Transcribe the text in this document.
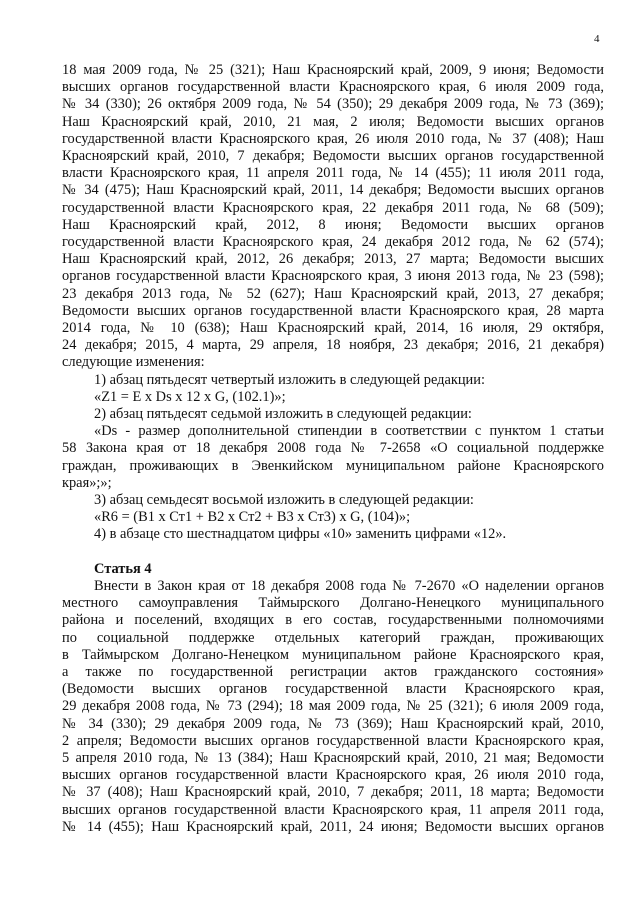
4

18 мая 2009 года, № 25 (321); Наш Красноярский край, 2009, 9 июня; Ведомости

высших органов государственной власти Красноярского края, 6 июля 2009 года,

№ 34 (330); 26 октября 2009 года, № 54 (350); 29 декабря 2009 года, № 73 (369);

Наш Красноярский край, 2010, 21 мая, 2 июля; Ведомости высших органов

государственной власти Красноярского края, 26 июля 2010 года, № 37 (408); Наш

Красноярский край, 2010, 7 декабря; Ведомости высших органов государственной

власти Красноярского края, 11 апреля 2011 года, № 14 (455); 11 июля 2011 года,

№ 34 (475); Наш Красноярский край, 2011, 14 декабря; Ведомости высших органов

государственной власти Красноярского края, 22 декабря 2011 года, № 68 (509);

Наш Красноярский край, 2012, 8 июня; Ведомости высших органов

государственной власти Красноярского края, 24 декабря 2012 года, № 62 (574);

Наш Красноярский край, 2012, 26 декабря; 2013, 27 марта; Ведомости высших

органов государственной власти Красноярского края, 3 июня 2013 года, № 23 (598);

23 декабря 2013 года, № 52 (627); Наш Красноярский край, 2013, 27 декабря;

Ведомости высших органов государственной власти Красноярского края, 28 марта

2014 года, № 10 (638); Наш Красноярский край, 2014, 16 июля, 29 октября,

24 декабря; 2015, 4 марта, 29 апреля, 18 ноября, 23 декабря; 2016, 21 декабря)

следующие изменения:

1) абзац пятьдесят четвертый изложить в следующей редакции:

«Z1 = E x Ds x 12 x G, (102.1)»;

2) абзац пятьдесят седьмой изложить в следующей редакции:

«Ds - размер дополнительной стипендии в соответствии с пунктом 1 статьи

58 Закона края от 18 декабря 2008 года № 7-2658 «О социальной поддержке

граждан, проживающих в Эвенкийском муниципальном районе Красноярского

края»;»;

3) абзац семьдесят восьмой изложить в следующей редакции:

«R6 = (B1 x Ст1 + B2 x Ст2 + B3 x Ст3) x G, (104)»;

4) в абзаце сто шестнадцатом цифры «10» заменить цифрами «12».

Статья 4

Внести в Закон края от 18 декабря 2008 года № 7-2670 «О наделении органов

местного самоуправления Таймырского Долгано-Ненецкого муниципального

района и поселений, входящих в его состав, государственными полномочиями

по социальной поддержке отдельных категорий граждан, проживающих

в Таймырском Долгано-Ненецком муниципальном районе Красноярского края,

а также по государственной регистрации актов гражданского состояния»

(Ведомости высших органов государственной власти Красноярского края,

29 декабря 2008 года, № 73 (294); 18 мая 2009 года, № 25 (321); 6 июля 2009 года,

№ 34 (330); 29 декабря 2009 года, № 73 (369); Наш Красноярский край, 2010,

2 апреля; Ведомости высших органов государственной власти Красноярского края,

5 апреля 2010 года, № 13 (384); Наш Красноярский край, 2010, 21 мая; Ведомости

высших органов государственной власти Красноярского края, 26 июля 2010 года,

№ 37 (408); Наш Красноярский край, 2010, 7 декабря; 2011, 18 марта; Ведомости

высших органов государственной власти Красноярского края, 11 апреля 2011 года,

№ 14 (455); Наш Красноярский край, 2011, 24 июня; Ведомости высших органов
